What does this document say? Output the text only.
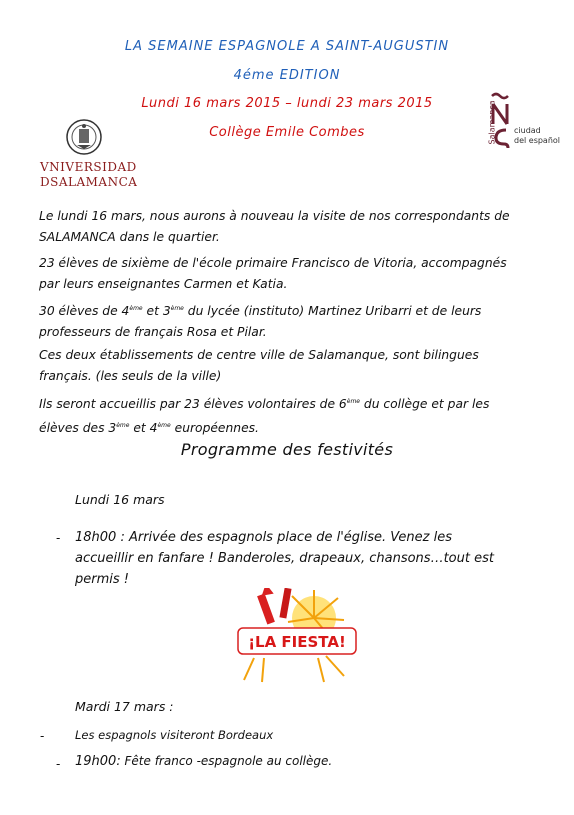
LA SEMAINE ESPAGNOLE A SAINT-AUGUSTIN
4éme EDITION
Lundi 16 mars 2015 – lundi 23 mars 2015
Collège Emile Combes
VNIVERSIDAD
DSALAMANCA
Salamanca ciudad
del español
Le lundi 16 mars, nous aurons à nouveau la visite de nos correspondants de SALAMANCA dans le quartier.
23 élèves de sixième de l'école primaire Francisco de Vitoria, accompagnés par leurs enseignantes Carmen et Katia.
30 élèves de 4ème et 3ème du lycée (instituto) Martinez Uribarri et de leurs professeurs de français Rosa et Pilar.
Ces deux établissements de centre ville de Salamanque, sont bilingues français. (les seuls de la ville)
Ils seront accueillis par 23 élèves volontaires de 6ème du collège et par les élèves des 3ème et 4ème européennes.
Programme des festivités
Lundi 16 mars
- 18h00 : Arrivée des espagnols place de l'église. Venez les accueillir en fanfare ! Banderoles, drapeaux, chansons…tout est permis !
¡LA FIESTA!
Mardi 17 mars :
-	Les espagnols visiteront Bordeaux
- 19h00: Fête franco -espagnole au collège.
